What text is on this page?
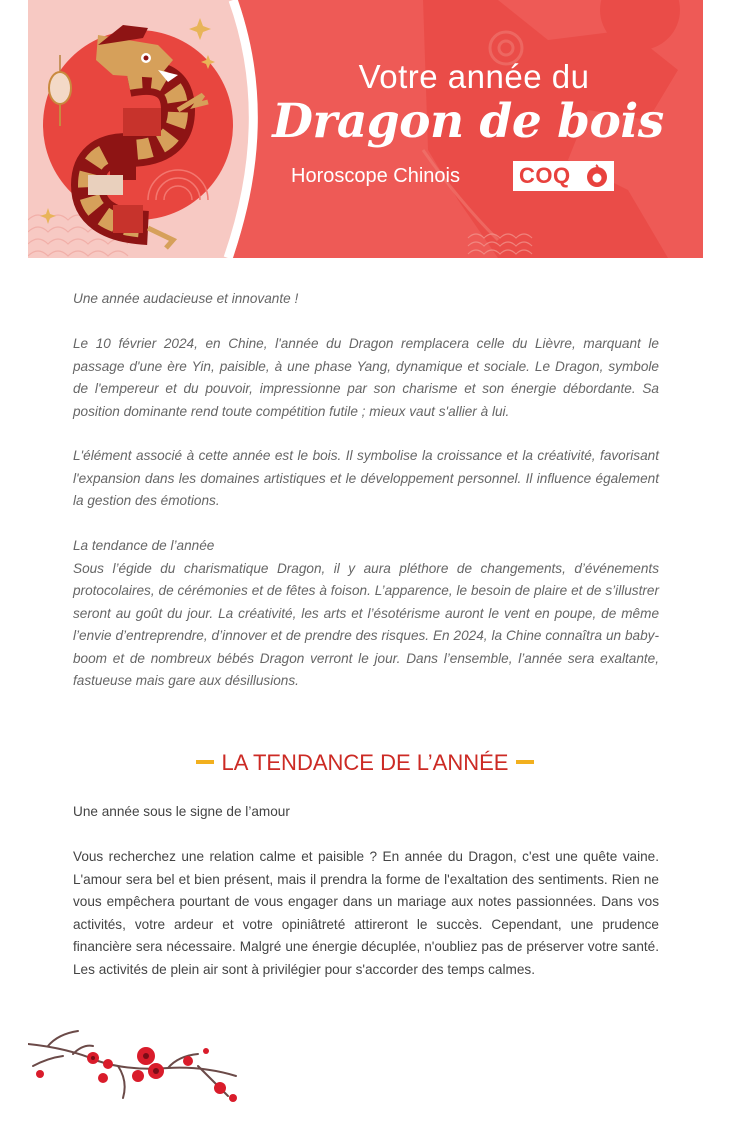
Votre année du
Dragon de bois
Horoscope Chinois	COQ

Une année audacieuse et innovante !

Le 10 février 2024, en Chine, l'année du Dragon remplacera celle du Lièvre, marquant le passage d'une ère Yin, paisible, à une phase Yang, dynamique et sociale. Le Dragon, symbole de l'empereur et du pouvoir, impressionne par son charisme et son énergie débordante. Sa position dominante rend toute compétition futile ; mieux vaut s'allier à lui.

L'élément associé à cette année est le bois. Il symbolise la croissance et la créativité, favorisant l'expansion dans les domaines artistiques et le développement personnel. Il influence également la gestion des émotions.

La tendance de l’année

Sous l’égide du charismatique Dragon, il y aura pléthore de changements, d’événements protocolaires, de cérémonies et de fêtes à foison. L’apparence, le besoin de plaire et de s’illustrer seront au goût du jour. La créativité, les arts et l’ésotérisme auront le vent en poupe, de même l’envie d’entreprendre, d’innover et de prendre des risques. En 2024, la Chine connaîtra un baby-boom et de nombreux bébés Dragon verront le jour. Dans l’ensemble, l’année sera exaltante, fastueuse mais gare aux désillusions.

LA TENDANCE DE L’ANNÉE

Une année sous le signe de l’amour

Vous recherchez une relation calme et paisible ? En année du Dragon, c'est une quête vaine. L'amour sera bel et bien présent, mais il prendra la forme de l'exaltation des sentiments. Rien ne vous empêchera pourtant de vous engager dans un mariage aux notes passionnées. Dans vos activités, votre ardeur et votre opiniâtreté attireront le succès. Cependant, une prudence financière sera nécessaire. Malgré une énergie décuplée, n'oubliez pas de préserver votre santé. Les activités de plein air sont à privilégier pour s'accorder des temps calmes.
